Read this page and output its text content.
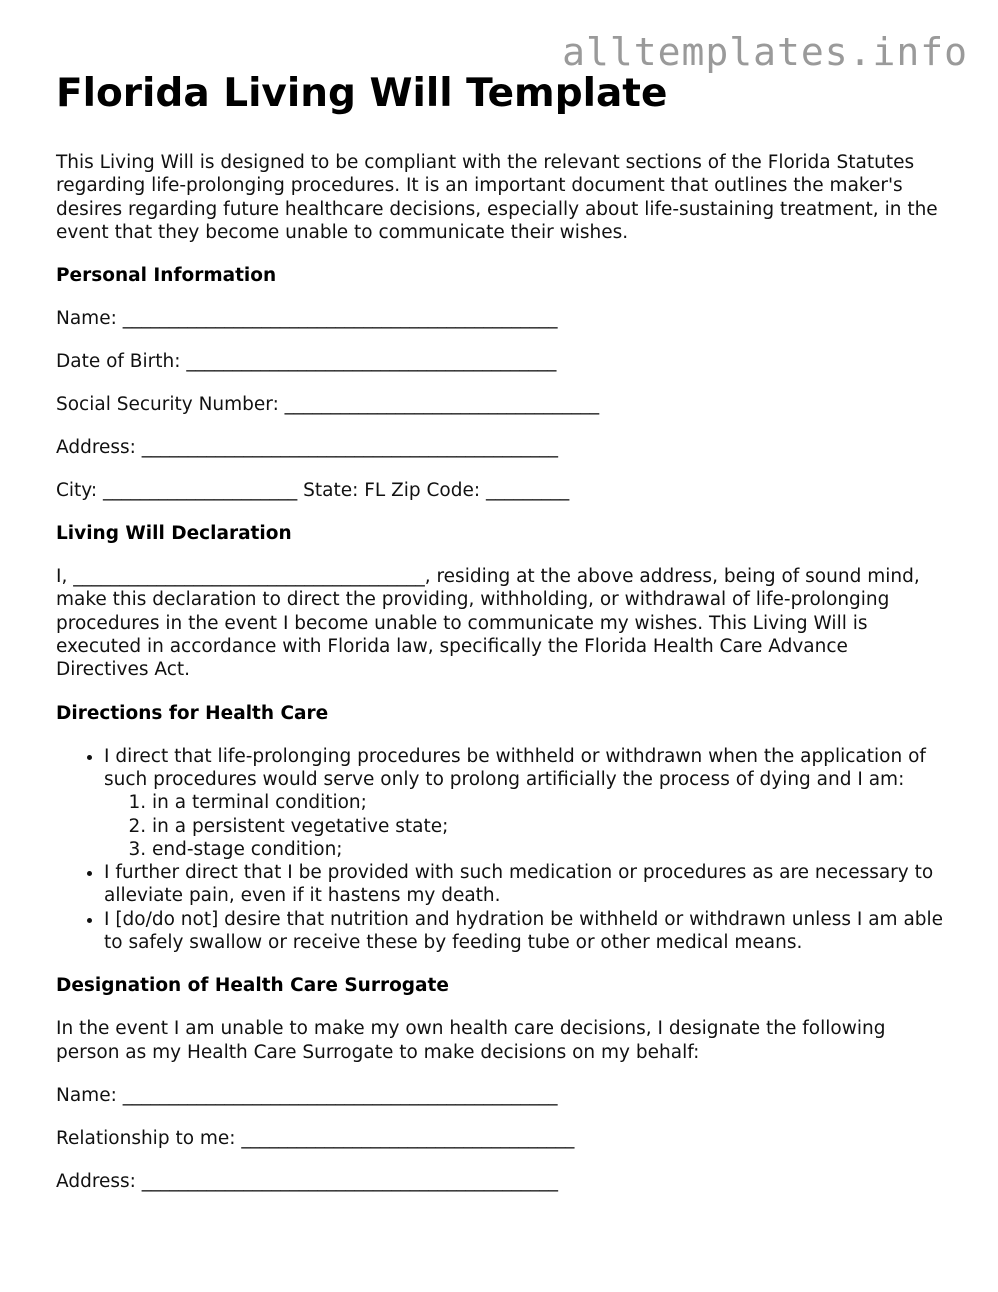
alltemplates.info
Florida Living Will Template

This Living Will is designed to be compliant with the relevant sections of the Florida Statutes regarding life-prolonging procedures. It is an important document that outlines the maker's desires regarding future healthcare decisions, especially about life-sustaining treatment, in the event that they become unable to communicate their wishes.

Personal Information
Name: _______________________________________________
Date of Birth: ________________________________________
Social Security Number: __________________________________
Address: _____________________________________________
City: _____________________ State: FL Zip Code: _________
Living Will Declaration

I, ______________________________________, residing at the above address, being of sound mind, make this declaration to direct the providing, withholding, or withdrawal of life-prolonging procedures in the event I become unable to communicate my wishes. This Living Will is executed in accordance with Florida law, specifically the Florida Health Care Advance Directives Act.

Directions for Health Care
• I direct that life-prolonging procedures be withheld or withdrawn when the application of such procedures would serve only to prolong artificially the process of dying and I am:
1. in a terminal condition;
2. in a persistent vegetative state;
3. end-stage condition;
• I further direct that I be provided with such medication or procedures as are necessary to alleviate pain, even if it hastens my death.
• I [do/do not] desire that nutrition and hydration be withheld or withdrawn unless I am able to safely swallow or receive these by feeding tube or other medical means.
Designation of Health Care Surrogate

In the event I am unable to make my own health care decisions, I designate the following person as my Health Care Surrogate to make decisions on my behalf:

Name: _______________________________________________
Relationship to me: ____________________________________
Address: _____________________________________________
